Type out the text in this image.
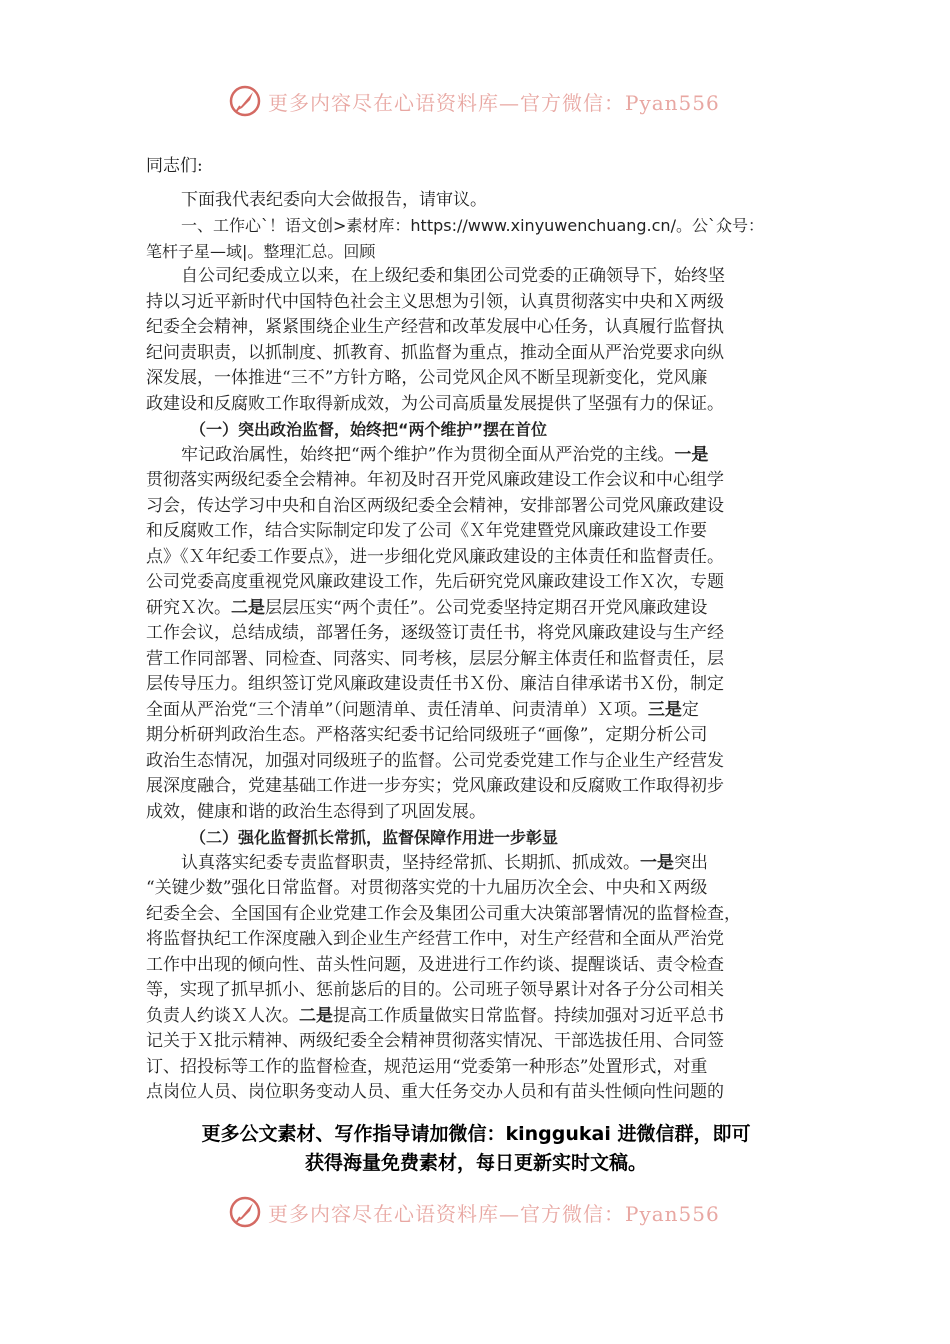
更多内容尽在心语资料库—官方微信：Pyan556
同志们:
下面我代表纪委向大会做报告，请审议。
一、工作心`！语文创>素材库：https://www.xinyuwenchuang.cn/。公`众号：
笔杆子星—域|。整理汇总。回顾
自公司纪委成立以来，在上级纪委和集团公司党委的正确领导下，始终坚
持以习近平新时代中国特色社会主义思想为引领，认真贯彻落实中央和Ｘ两级
纪委全会精神，紧紧围绕企业生产经营和改革发展中心任务，认真履行监督执
纪问责职责，以抓制度、抓教育、抓监督为重点，推动全面从严治党要求向纵
深发展，一体推进“三不”方针方略，公司党风企风不断呈现新变化，党风廉
政建设和反腐败工作取得新成效，为公司高质量发展提供了坚强有力的保证。
（一）突出政治监督，始终把“两个维护”摆在首位
牢记政治属性，始终把“两个维护”作为贯彻全面从严治党的主线。一是
贯彻落实两级纪委全会精神。年初及时召开党风廉政建设工作会议和中心组学
习会，传达学习中央和自治区两级纪委全会精神，安排部署公司党风廉政建设
和反腐败工作，结合实际制定印发了公司《Ｘ年党建暨党风廉政建设工作要
点》《Ｘ年纪委工作要点》，进一步细化党风廉政建设的主体责任和监督责任。
公司党委高度重视党风廉政建设工作，先后研究党风廉政建设工作Ｘ次，专题
研究Ｘ次。二是层层压实“两个责任”。公司党委坚持定期召开党风廉政建设
工作会议，总结成绩，部署任务，逐级签订责任书，将党风廉政建设与生产经
营工作同部署、同检查、同落实、同考核，层层分解主体责任和监督责任，层
层传导压力。组织签订党风廉政建设责任书Ｘ份、廉洁自律承诺书Ｘ份，制定
全面从严治党“三个清单”（问题清单、责任清单、问责清单）Ｘ项。三是定
期分析研判政治生态。严格落实纪委书记给同级班子“画像”，定期分析公司
政治生态情况，加强对同级班子的监督。公司党委党建工作与企业生产经营发
展深度融合，党建基础工作进一步夯实；党风廉政建设和反腐败工作取得初步
成效，健康和谐的政治生态得到了巩固发展。
（二）强化监督抓长常抓，监督保障作用进一步彰显
认真落实纪委专责监督职责，坚持经常抓、长期抓、抓成效。一是突出
“关键少数”强化日常监督。对贯彻落实党的十九届历次全会、中央和Ｘ两级
纪委全会、全国国有企业党建工作会及集团公司重大决策部署情况的监督检查，
将监督执纪工作深度融入到企业生产经营工作中，对生产经营和全面从严治党
工作中出现的倾向性、苗头性问题，及进进行工作约谈、提醒谈话、责令检查
等，实现了抓早抓小、惩前毖后的目的。公司班子领导累计对各子分公司相关
负责人约谈Ｘ人次。二是提高工作质量做实日常监督。持续加强对习近平总书
记关于Ｘ批示精神、两级纪委全会精神贯彻落实情况、干部选拔任用、合同签
订、招投标等工作的监督检查，规范运用“党委第一种形态”处置形式，对重
点岗位人员、岗位职务变动人员、重大任务交办人员和有苗头性倾向性问题的
更多公文素材、写作指导请加微信：kinggukai 进微信群，即可
获得海量免费素材，每日更新实时文稿。
更多内容尽在心语资料库—官方微信：Pyan556
